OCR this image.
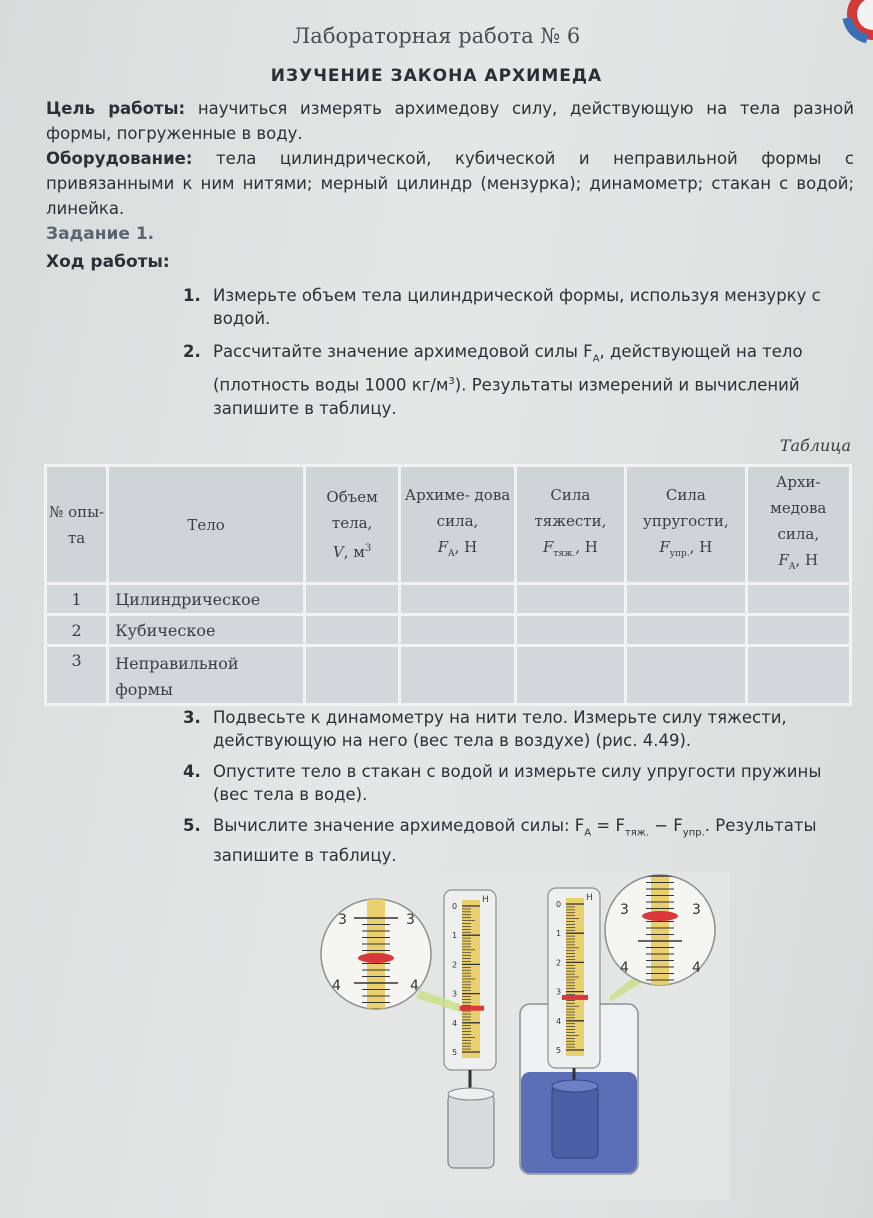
Лабораторная работа № 6
ИЗУЧЕНИЕ ЗАКОНА АРХИМЕДА
Цель работы: научиться измерять архимедову силу, действующую на тела разной формы, погруженные в воду.
Оборудование: тела цилиндрической, кубической и неправильной формы с привязанными к ним нитями; мерный цилиндр (мензурка); динамометр; стакан с водой; линейка.
Задание 1.
Ход работы:
1. Измерьте объем тела цилиндрической формы, используя мензурку с водой.
2. Рассчитайте значение архимедовой силы $F_A$, действующей на тело (плотность воды 1000 $кг/м^3$). Результаты измерений и вычислений запишите в таблицу.
Таблица
№ опы- та	Тело	Объем тела,
V, $м^3$	Архиме- дова сила,
$F_A$, Н	Сила тяжести,
$F_{тяж.}$, Н	Сила упругости,
$F_{упр.}$, Н	Архи- медова сила,
$F_A$, Н
1	Цилиндрическое					
2	Кубическое					
3	Неправильной формы					
3. Подвесьте к динамометру на нити тело. Измерьте силу тяжести, действующую на него (вес тела в воздухе) (рис. 4.49).
4. Опустите тело в стакан с водой и измерьте силу упругости пружины (вес тела в воде).
5. Вычислите значение архимедовой силы: $F_A = F_{тяж.} - F_{упр.}$. Результаты запишите в таблицу.
0
1
2
3
4
5
Н
3	3
4	4
0
1
2
3
4
5
Н
3	3
4	4
